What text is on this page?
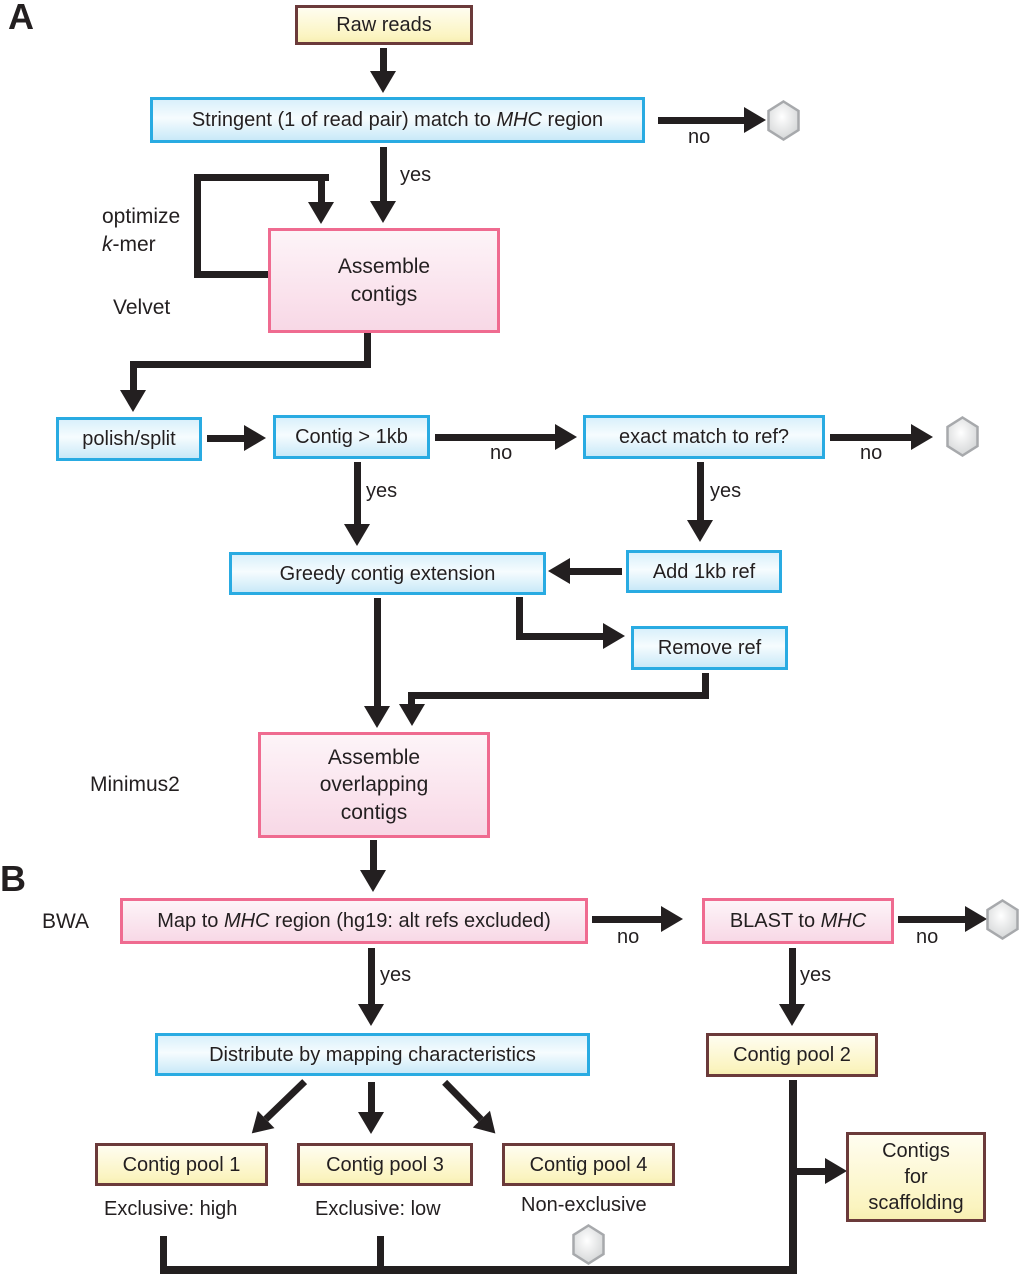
A
B
Raw reads
Stringent (1 of read pair) match to MHC region
no
yes
optimize
k-mer
Velvet
Assemble
contigs
polish/split	Contig > 1kb
no
exact match to ref?
no
yes	yes
Greedy contig extension	Add 1kb ref
Remove ref
Assemble
overlapping
contigs
Minimus2
BWA	Map to MHC region (hg19: alt refs excluded)
no
BLAST to MHC
no
yes	yes
Distribute by mapping characteristics	Contig pool 2
Contig pool 1	Contig pool 3	Contig pool 4
Exclusive: high	Exclusive: low	Non-exclusive
Contigs
for
scaffolding
